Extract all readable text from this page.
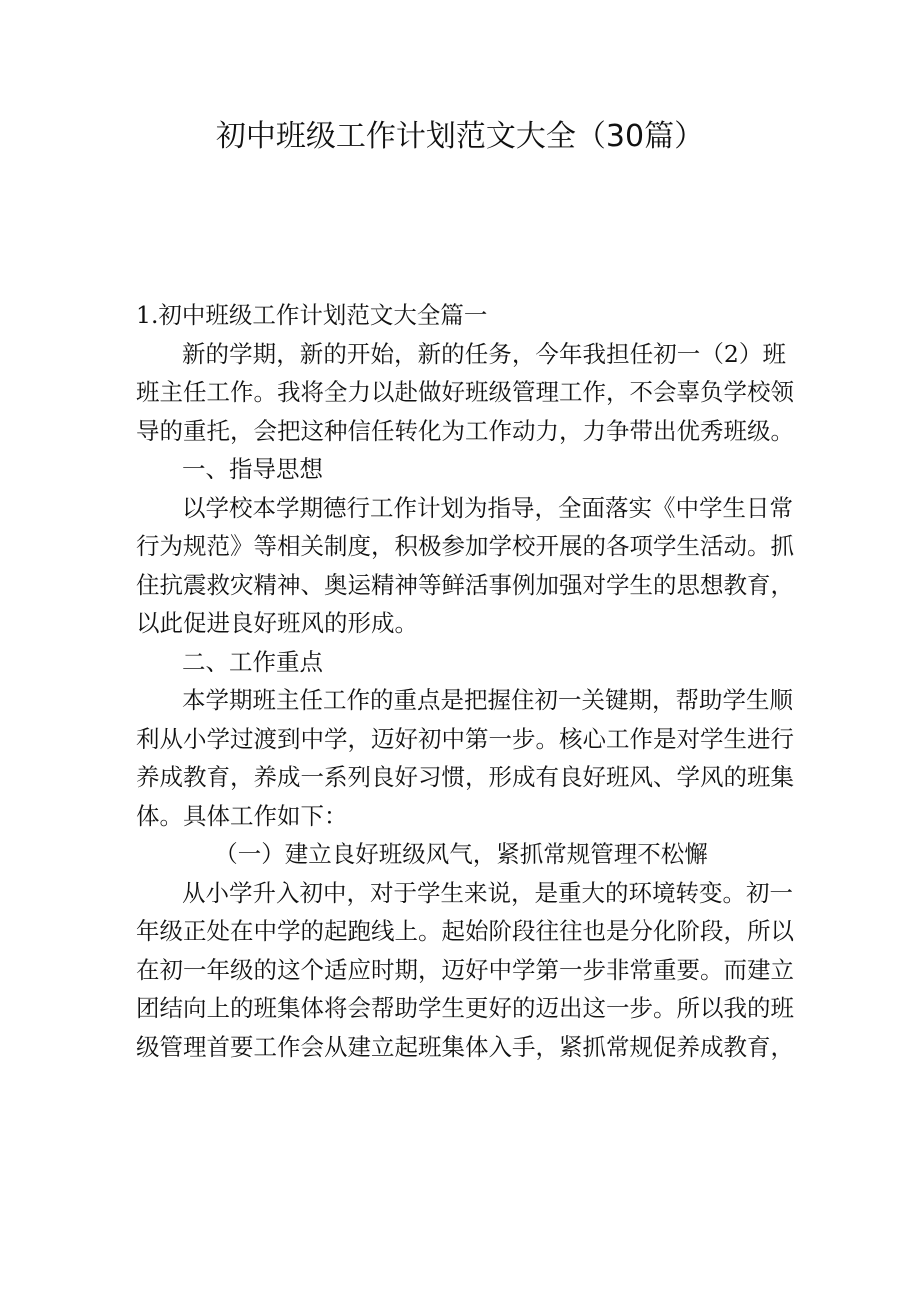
初中班级工作计划范文大全（30篇）
1.初中班级工作计划范文大全篇一
新的学期，新的开始，新的任务，今年我担任初一（2）班
班主任工作。我将全力以赴做好班级管理工作，不会辜负学校领
导的重托，会把这种信任转化为工作动力，力争带出优秀班级。
一、指导思想
以学校本学期德行工作计划为指导，全面落实《中学生日常
行为规范》等相关制度，积极参加学校开展的各项学生活动。抓
住抗震救灾精神、奥运精神等鲜活事例加强对学生的思想教育，
以此促进良好班风的形成。
二、工作重点
本学期班主任工作的重点是把握住初一关键期，帮助学生顺
利从小学过渡到中学，迈好初中第一步。核心工作是对学生进行
养成教育，养成一系列良好习惯，形成有良好班风、学风的班集
体。具体工作如下：
（一）建立良好班级风气，紧抓常规管理不松懈
从小学升入初中，对于学生来说，是重大的环境转变。初一
年级正处在中学的起跑线上。起始阶段往往也是分化阶段，所以
在初一年级的这个适应时期，迈好中学第一步非常重要。而建立
团结向上的班集体将会帮助学生更好的迈出这一步。所以我的班
级管理首要工作会从建立起班集体入手，紧抓常规促养成教育，
